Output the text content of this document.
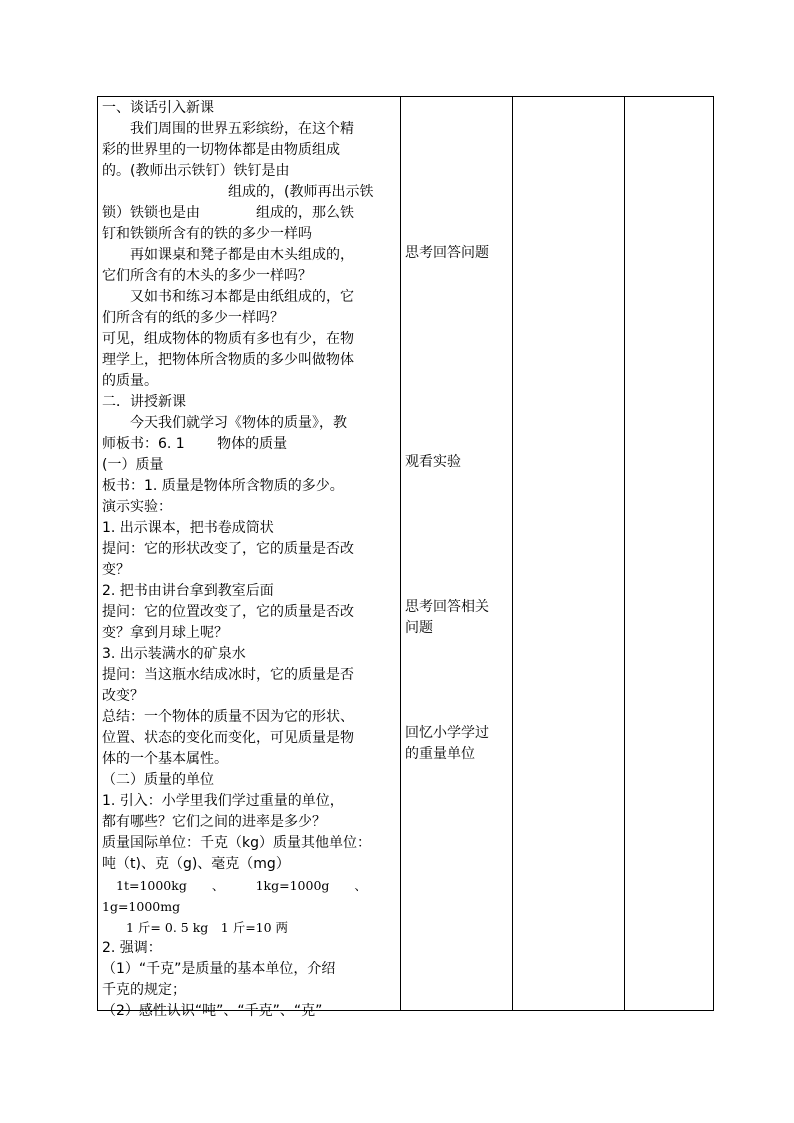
一、谈话引入新课
我们周围的世界五彩缤纷，在这个精
彩的世界里的一切物体都是由物质组成
的。(教师出示铁钉）铁钉是由
组成的，(教师再出示铁
锁）铁锁也是由　　　　组成的，那么铁
钉和铁锁所含有的铁的多少一样吗
再如课桌和凳子都是由木头组成的，
它们所含有的木头的多少一样吗？
又如书和练习本都是由纸组成的，它
们所含有的纸的多少一样吗？
可见，组成物体的物质有多也有少，在物
理学上，把物体所含物质的多少叫做物体
的质量。
二．讲授新课
今天我们就学习《物体的质量》，教
师板书：6. 1　　 物体的质量
(一）质量
板书：1. 质量是物体所含物质的多少。
演示实验：
1. 出示课本，把书卷成筒状
提问：它的形状改变了，它的质量是否改
变？
2. 把书由讲台拿到教室后面
提问：它的位置改变了，它的质量是否改
变？拿到月球上呢？
3. 出示装满水的矿泉水
提问：当这瓶水结成冰时，它的质量是否
改变？
总结：一个物体的质量不因为它的形状、
位置、状态的变化而变化，可见质量是物
体的一个基本属性。
（二）质量的单位
1. 引入：小学里我们学过重量的单位，
都有哪些？它们之间的进率是多少？
质量国际单位：千克（kg）质量其他单位：
吨（t)、克（g)、毫克（mg）
1t=1000kg　　、　　　1kg=1000g　　、
1g=1000mg
1 斤= 0. 5 kg　1 斤=10 两
2. 强调：
（1）“千克”是质量的基本单位，介绍
千克的规定；
（2）感性认识“吨”、“千克”、“克”
思考回答问题
观看实验
思考回答相关
问题
回忆小学学过
的重量单位
